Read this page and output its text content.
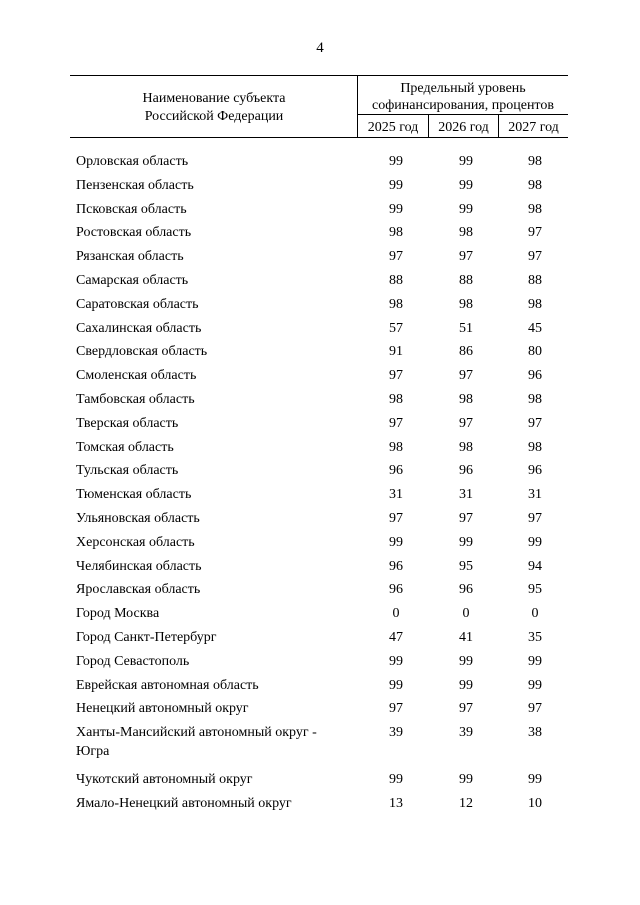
4
Наименование субъекта
Российской Федерации
Предельный уровень
софинансирования, процентов
2025 год	2026 год	2027 год
Орловская область	99	99	98
Пензенская область	99	99	98
Псковская область	99	99	98
Ростовская область	98	98	97
Рязанская область	97	97	97
Самарская область	88	88	88
Саратовская область	98	98	98
Сахалинская область	57	51	45
Свердловская область	91	86	80
Смоленская область	97	97	96
Тамбовская область	98	98	98
Тверская область	97	97	97
Томская область	98	98	98
Тульская область	96	96	96
Тюменская область	31	31	31
Ульяновская область	97	97	97
Херсонская область	99	99	99
Челябинская область	96	95	94
Ярославская область	96	96	95
Город Москва	0	0	0
Город Санкт-Петербург	47	41	35
Город Севастополь	99	99	99
Еврейская автономная область	99	99	99
Ненецкий автономный округ	97	97	97
Ханты-Мансийский автономный округ -
Югра
39	39	38
Чукотский автономный округ	99	99	99
Ямало-Ненецкий автономный округ	13	12	10
